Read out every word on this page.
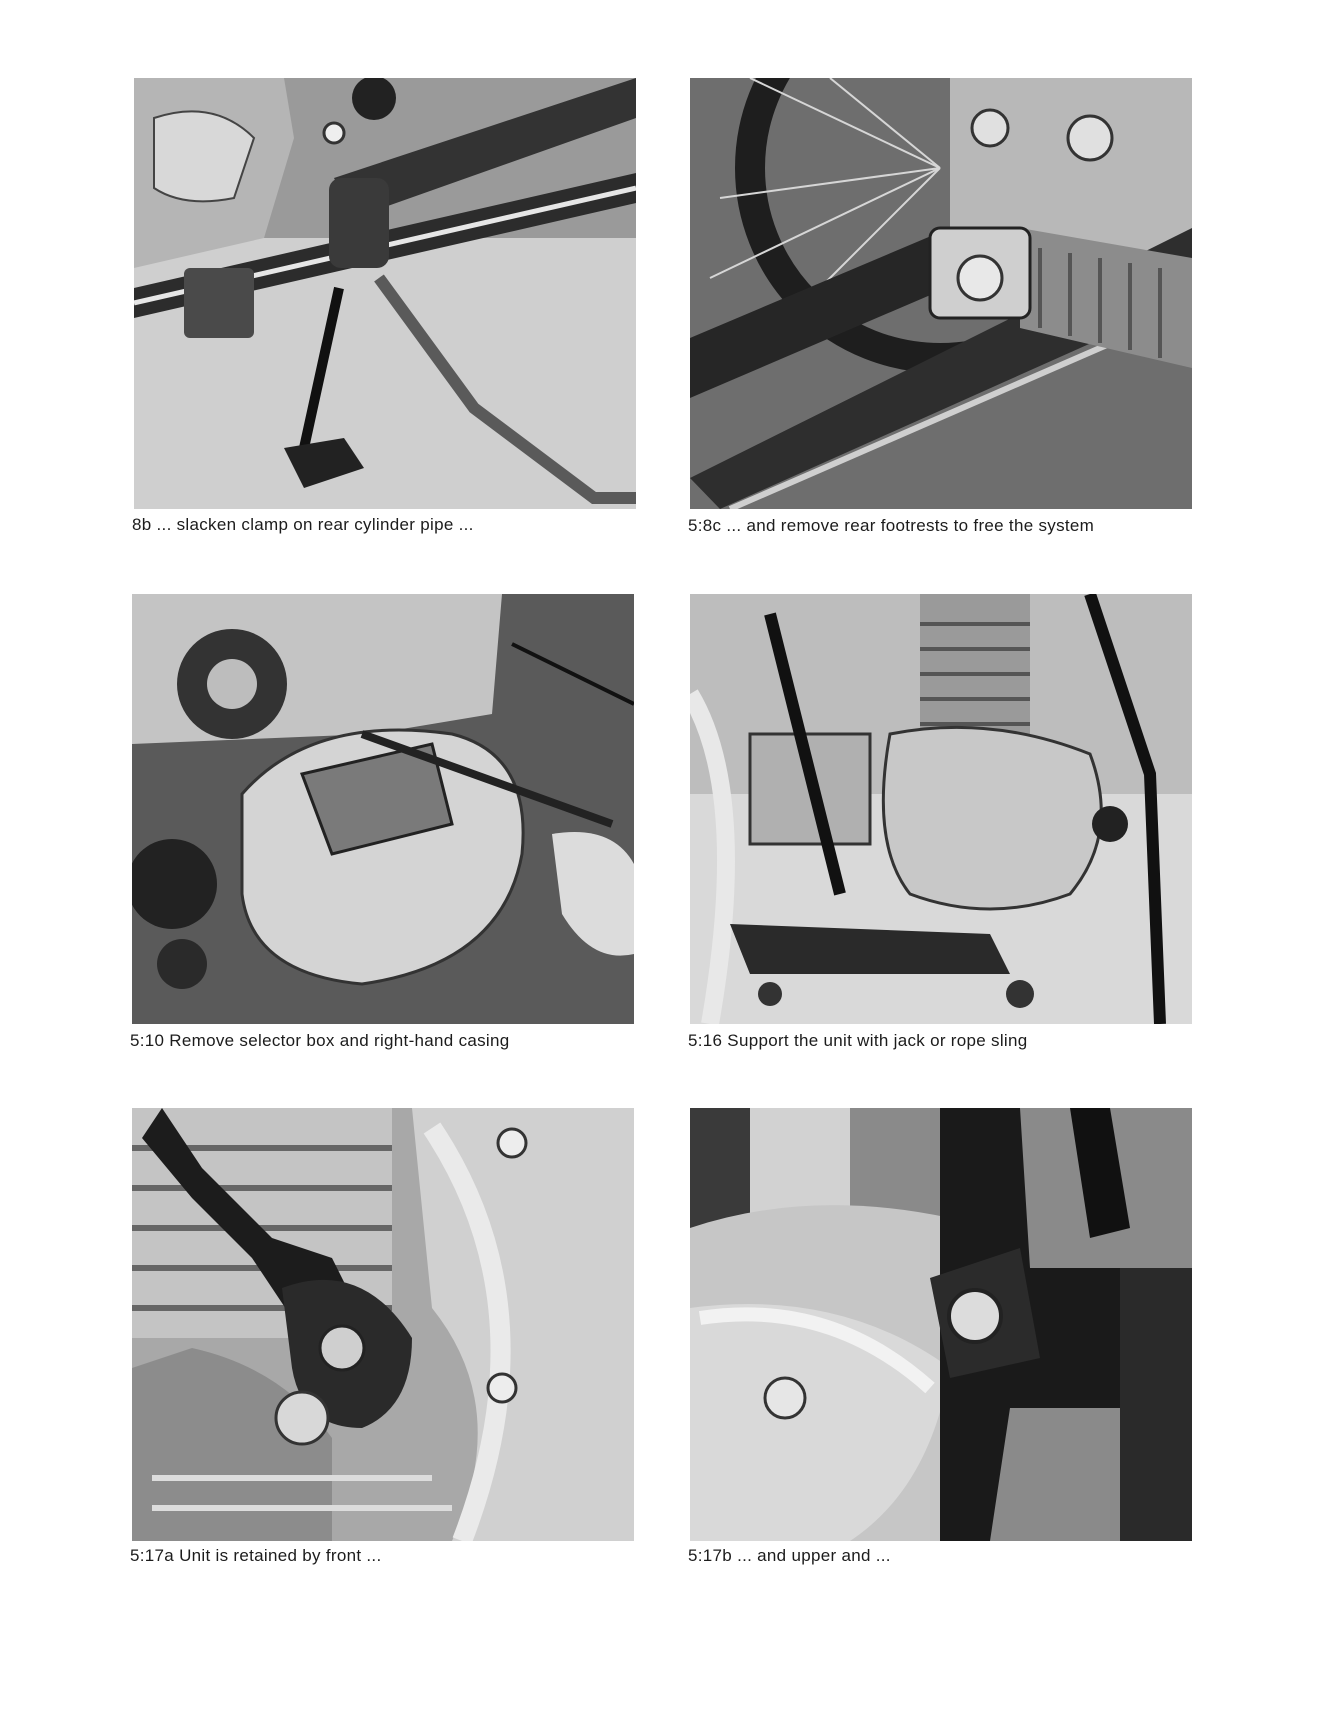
8b ... slacken clamp on rear cylinder pipe ...	5:8c ... and remove rear footrests to free the system
5:10 Remove selector box and right-hand casing	5:16 Support the unit with jack or rope sling
5:17a Unit is retained by front ...	5:17b ... and upper and ...
